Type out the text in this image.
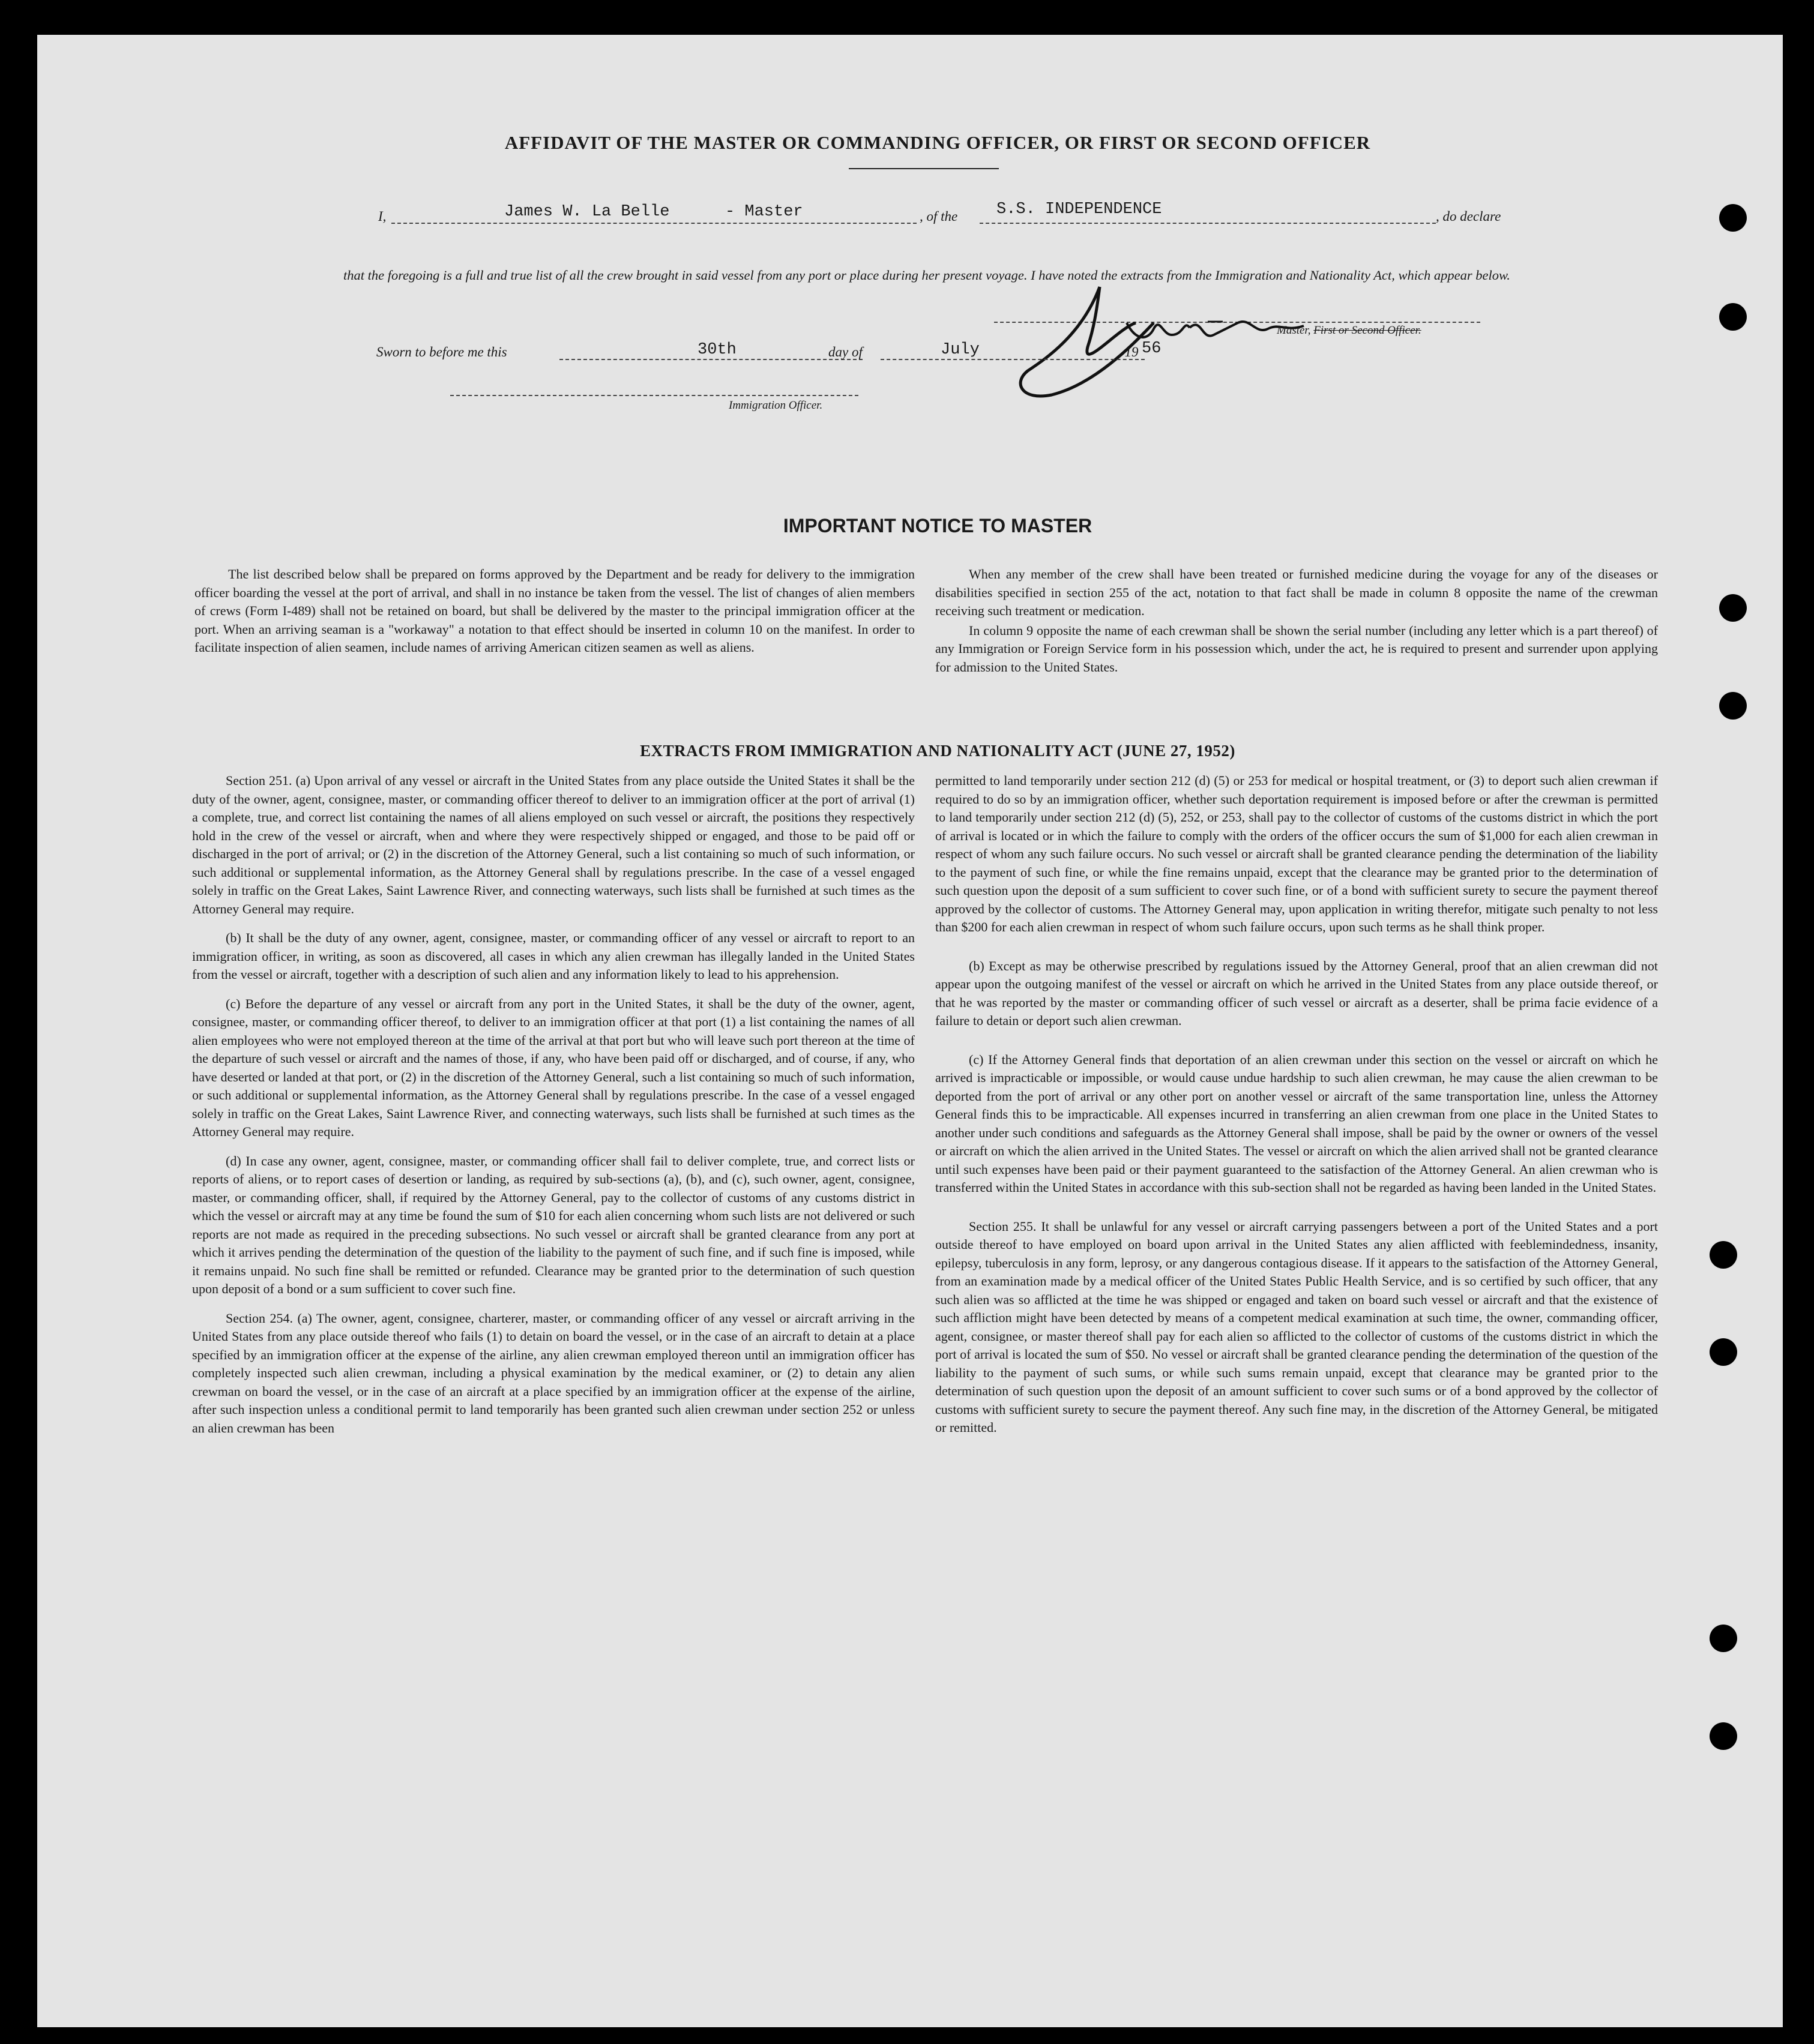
AFFIDAVIT OF THE MASTER OR COMMANDING OFFICER, OR FIRST OR SECOND OFFICER
I,	James W. La Belle	- Master	, of the S.S. INDEPENDENCE	, do declare
that the foregoing is a full and true list of all the crew brought in said vessel from any port or place during her present voyage. I have noted the extracts from the Immigration and Nationality Act, which appear below.
Master, First or Second Officer.
Sworn to before me this	30th	day of	July	, 19 56
Immigration Officer.
IMPORTANT NOTICE TO MASTER

The list described below shall be prepared on forms approved by the Department and be ready for delivery to the immigration officer boarding the vessel at the port of arrival, and shall in no instance be taken from the vessel. The list of changes of alien members of crews (Form I-489) shall not be retained on board, but shall be delivered by the master to the principal immigration officer at the port. When an arriving seaman is a "workaway" a notation to that effect should be inserted in column 10 on the manifest. In order to facilitate inspection of alien seamen, include names of arriving American citizen seamen as well as aliens.

When any member of the crew shall have been treated or furnished medicine during the voyage for any of the diseases or disabilities specified in section 255 of the act, notation to that fact shall be made in column 8 opposite the name of the crewman receiving such treatment or medication.

In column 9 opposite the name of each crewman shall be shown the serial number (including any letter which is a part thereof) of any Immigration or Foreign Service form in his possession which, under the act, he is required to present and surrender upon applying for admission to the United States.

EXTRACTS FROM IMMIGRATION AND NATIONALITY ACT (JUNE 27, 1952)

Section 251. (a) Upon arrival of any vessel or aircraft in the United States from any place outside the United States it shall be the duty of the owner, agent, consignee, master, or commanding officer thereof to deliver to an immigration officer at the port of arrival (1) a complete, true, and correct list containing the names of all aliens employed on such vessel or aircraft, the positions they respectively hold in the crew of the vessel or aircraft, when and where they were respectively shipped or engaged, and those to be paid off or discharged in the port of arrival; or (2) in the discretion of the Attorney General, such a list containing so much of such information, or such additional or supplemental information, as the Attorney General shall by regulations prescribe. In the case of a vessel engaged solely in traffic on the Great Lakes, Saint Lawrence River, and connecting waterways, such lists shall be furnished at such times as the Attorney General may require.

(b) It shall be the duty of any owner, agent, consignee, master, or commanding officer of any vessel or aircraft to report to an immigration officer, in writing, as soon as discovered, all cases in which any alien crewman has illegally landed in the United States from the vessel or aircraft, together with a description of such alien and any information likely to lead to his apprehension.

(c) Before the departure of any vessel or aircraft from any port in the United States, it shall be the duty of the owner, agent, consignee, master, or commanding officer thereof, to deliver to an immigration officer at that port (1) a list containing the names of all alien employees who were not employed thereon at the time of the arrival at that port but who will leave such port thereon at the time of the departure of such vessel or aircraft and the names of those, if any, who have been paid off or discharged, and of course, if any, who have deserted or landed at that port, or (2) in the discretion of the Attorney General, such a list containing so much of such information, or such additional or supplemental information, as the Attorney General shall by regulations prescribe. In the case of a vessel engaged solely in traffic on the Great Lakes, Saint Lawrence River, and connecting waterways, such lists shall be furnished at such times as the Attorney General may require.

(d) In case any owner, agent, consignee, master, or commanding officer shall fail to deliver complete, true, and correct lists or reports of aliens, or to report cases of desertion or landing, as required by sub-sections (a), (b), and (c), such owner, agent, consignee, master, or commanding officer, shall, if required by the Attorney General, pay to the collector of customs of any customs district in which the vessel or aircraft may at any time be found the sum of $10 for each alien concerning whom such lists are not delivered or such reports are not made as required in the preceding subsections. No such vessel or aircraft shall be granted clearance from any port at which it arrives pending the determination of the question of the liability to the payment of such fine, and if such fine is imposed, while it remains unpaid. No such fine shall be remitted or refunded. Clearance may be granted prior to the determination of such question upon deposit of a bond or a sum sufficient to cover such fine.

Section 254. (a) The owner, agent, consignee, charterer, master, or commanding officer of any vessel or aircraft arriving in the United States from any place outside thereof who fails (1) to detain on board the vessel, or in the case of an aircraft to detain at a place specified by an immigration officer at the expense of the airline, any alien crewman employed thereon until an immigration officer has completely inspected such alien crewman, including a physical examination by the medical examiner, or (2) to detain any alien crewman on board the vessel, or in the case of an aircraft at a place specified by an immigration officer at the expense of the airline, after such inspection unless a conditional permit to land temporarily has been granted such alien crewman under section 252 or unless an alien crewman has been

permitted to land temporarily under section 212 (d) (5) or 253 for medical or hospital treatment, or (3) to deport such alien crewman if required to do so by an immigration officer, whether such deportation requirement is imposed before or after the crewman is permitted to land temporarily under section 212 (d) (5), 252, or 253, shall pay to the collector of customs of the customs district in which the port of arrival is located or in which the failure to comply with the orders of the officer occurs the sum of $1,000 for each alien crewman in respect of whom any such failure occurs. No such vessel or aircraft shall be granted clearance pending the determination of the liability to the payment of such fine, or while the fine remains unpaid, except that the clearance may be granted prior to the determination of such question upon the deposit of a sum sufficient to cover such fine, or of a bond with sufficient surety to secure the payment thereof approved by the collector of customs. The Attorney General may, upon application in writing therefor, mitigate such penalty to not less than $200 for each alien crewman in respect of whom such failure occurs, upon such terms as he shall think proper.

(b) Except as may be otherwise prescribed by regulations issued by the Attorney General, proof that an alien crewman did not appear upon the outgoing manifest of the vessel or aircraft on which he arrived in the United States from any place outside thereof, or that he was reported by the master or commanding officer of such vessel or aircraft as a deserter, shall be prima facie evidence of a failure to detain or deport such alien crewman.

(c) If the Attorney General finds that deportation of an alien crewman under this section on the vessel or aircraft on which he arrived is impracticable or impossible, or would cause undue hardship to such alien crewman, he may cause the alien crewman to be deported from the port of arrival or any other port on another vessel or aircraft of the same transportation line, unless the Attorney General finds this to be impracticable. All expenses incurred in transferring an alien crewman from one place in the United States to another under such conditions and safeguards as the Attorney General shall impose, shall be paid by the owner or owners of the vessel or aircraft on which the alien arrived in the United States. The vessel or aircraft on which the alien arrived shall not be granted clearance until such expenses have been paid or their payment guaranteed to the satisfaction of the Attorney General. An alien crewman who is transferred within the United States in accordance with this sub-section shall not be regarded as having been landed in the United States.

Section 255. It shall be unlawful for any vessel or aircraft carrying passengers between a port of the United States and a port outside thereof to have employed on board upon arrival in the United States any alien afflicted with feeblemindedness, insanity, epilepsy, tuberculosis in any form, leprosy, or any dangerous contagious disease. If it appears to the satisfaction of the Attorney General, from an examination made by a medical officer of the United States Public Health Service, and is so certified by such officer, that any such alien was so afflicted at the time he was shipped or engaged and taken on board such vessel or aircraft and that the existence of such affliction might have been detected by means of a competent medical examination at such time, the owner, commanding officer, agent, consignee, or master thereof shall pay for each alien so afflicted to the collector of customs of the customs district in which the port of arrival is located the sum of $50. No vessel or aircraft shall be granted clearance pending the determination of the question of the liability to the payment of such sums, or while such sums remain unpaid, except that clearance may be granted prior to the determination of such question upon the deposit of an amount sufficient to cover such sums or of a bond approved by the collector of customs with sufficient surety to secure the payment thereof. Any such fine may, in the discretion of the Attorney General, be mitigated or remitted.
